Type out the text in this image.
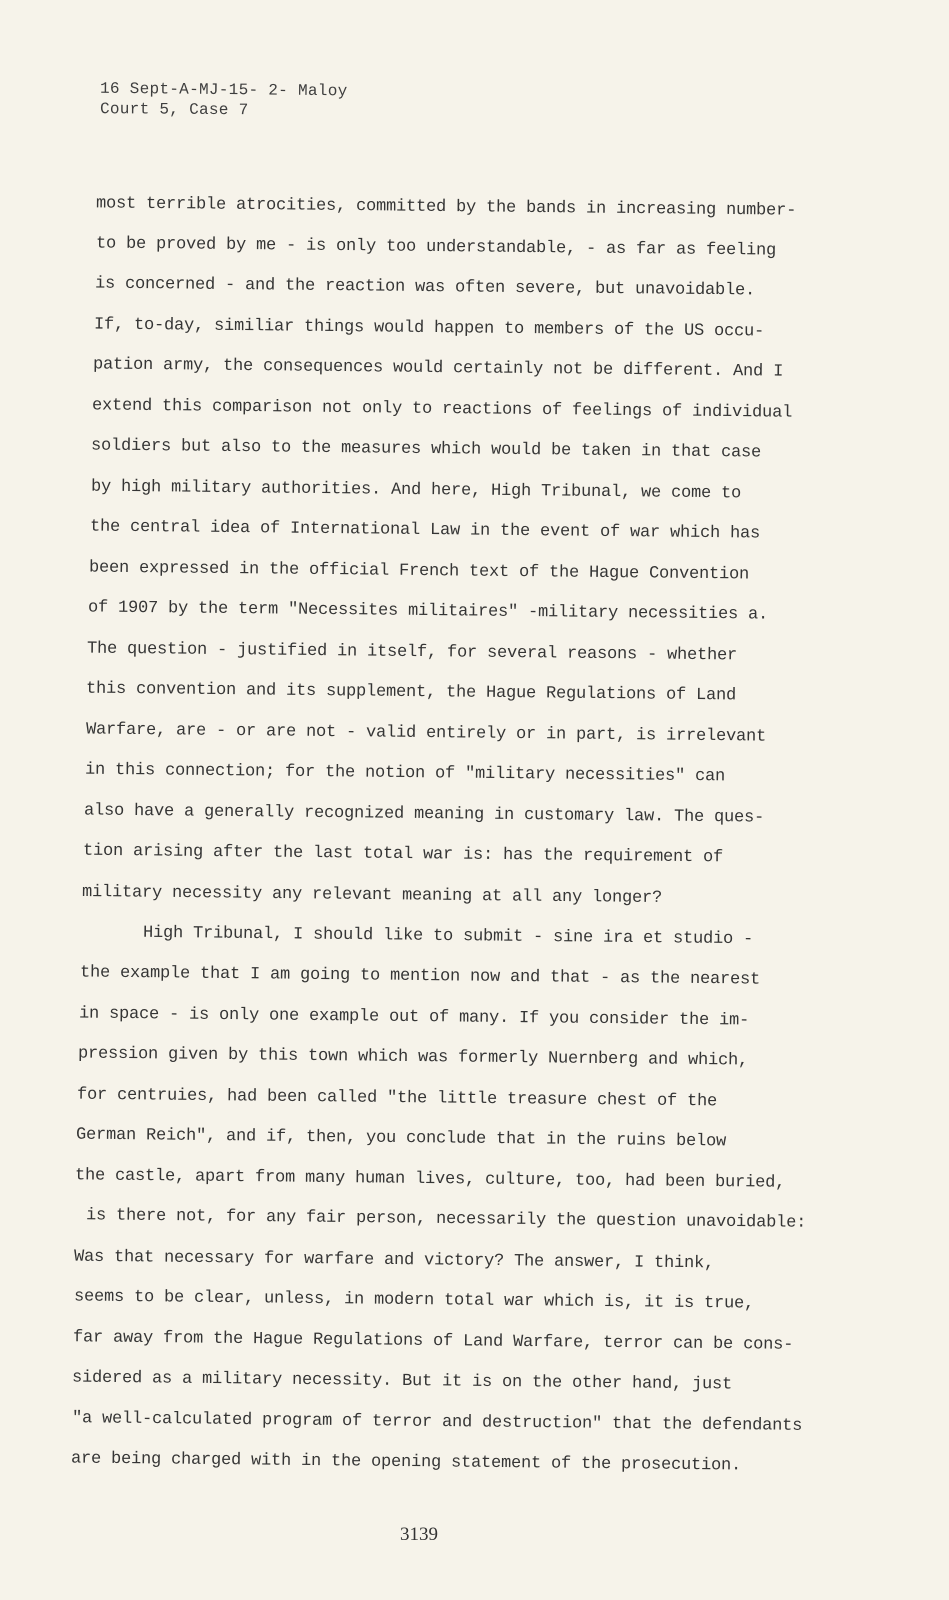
16 Sept-A-MJ-15- 2- Maloy
Court 5, Case 7
most terrible atrocities, committed by the bands in increasing number-
to be proved by me - is only too understandable, - as far as feeling
is concerned - and the reaction was often severe, but unavoidable.
If, to-day, similiar things would happen to members of the US occu-
pation army, the consequences would certainly not be different. And I
extend this comparison not only to reactions of feelings of individual
soldiers but also to the measures which would be taken in that case
by high military authorities. And here, High Tribunal, we come to
the central idea of International Law in the event of war which has
been expressed in the official French text of the Hague Convention
of 1907 by the term "Necessites militaires" -military necessities a.
The question - justified in itself, for several reasons - whether
this convention and its supplement, the Hague Regulations of Land
Warfare, are - or are not - valid entirely or in part, is irrelevant
in this connection; for the notion of "military necessities" can
also have a generally recognized meaning in customary law. The ques-
tion arising after the last total war is: has the requirement of
military necessity any relevant meaning at all any longer?
High Tribunal, I should like to submit - sine ira et studio -
the example that I am going to mention now and that - as the nearest
in space - is only one example out of many. If you consider the im-
pression given by this town which was formerly Nuernberg and which,
for centruies, had been called "the little treasure chest of the
German Reich", and if, then, you conclude that in the ruins below
the castle, apart from many human lives, culture, too, had been buried,
is there not, for any fair person, necessarily the question unavoidable:
Was that necessary for warfare and victory? The answer, I think,
seems to be clear, unless, in modern total war which is, it is true,
far away from the Hague Regulations of Land Warfare, terror can be cons-
sidered as a military necessity. But it is on the other hand, just
"a well-calculated program of terror and destruction" that the defendants
are being charged with in the opening statement of the prosecution.
3139
